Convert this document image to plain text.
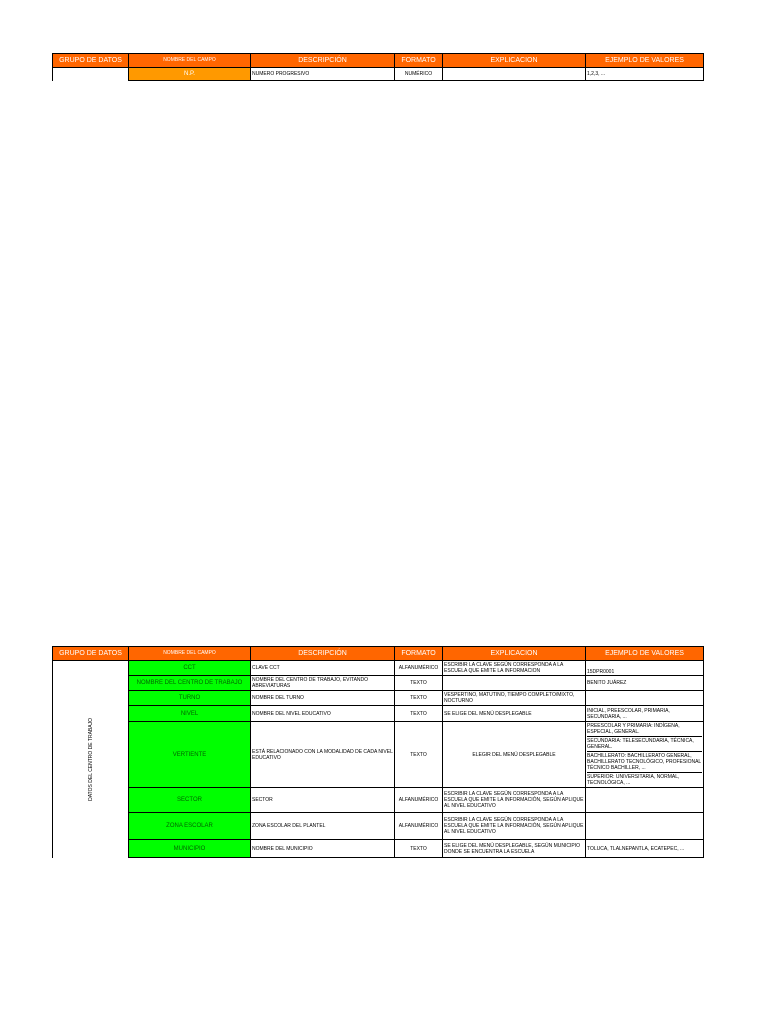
GRUPO DE DATOS	NOMBRE DEL CAMPO	DESCRIPCIÓN	FORMATO	EXPLICACION	EJEMPLO DE VALORES
	N.P.	NUMERO PROGRESIVO	NUMÉRICO		1,2,3, ...
GRUPO DE DATOS	NOMBRE DEL CAMPO	DESCRIPCIÓN	FORMATO	EXPLICACION	EJEMPLO DE VALORES

DATOS DEL CENTRO DE TRABAJO	CCT	CLAVE CCT	ALFANUMÉRICO	ESCRIBIR LA CLAVE SEGÚN CORRESPONDA A LA ESCUELA QUE EMITE LA INFORMACION	15DPR0001
	NOMBRE DEL CENTRO DE TRABAJO	NOMBRE DEL CENTRO DE TRABAJO, EVITANDO ABREVIATURAS	TEXTO		BENITO JUÁREZ
	TURNO	NOMBRE DEL TURNO	TEXTO	VESPERTINO, MATUTINO, TIEMPO COMPLETO/MIXTO, NOCTURNO	
	NIVEL	NOMBRE DEL NIVEL EDUCATIVO	TEXTO	SE ELIGE DEL MENÚ DESPLEGABLE	INICIAL, PREESCOLAR, PRIMARIA, SECUNDARIA, ...
	VERTIENTE	ESTÁ RELACIONADO CON LA MODALIDAD DE CADA NIVEL EDUCATIVO	TEXTO	ELEGIR DEL MENÚ DESPLEGABLE	PREESCOLAR Y PRIMARIA: INDÍGENA, ESPECIAL, GENERAL.
SECUNDARIA: TELESECUNDARIA, TÉCNICA, GENERAL.
BACHILLERATO: BACHILLERATO GENERAL, BACHILLERATO TECNOLÓGICO, PROFESIONAL TÉCNICO BACHILLER, ...
SUPERIOR: UNIVERSITARIA, NORMAL, TECNOLÓGICA, ...

	SECTOR	SECTOR	ALFANUMÉRICO	ESCRIBIR LA CLAVE SEGÚN CORRESPONDA A LA ESCUELA QUE EMITE LA INFORMACIÓN, SEGÚN APLIQUE AL NIVEL EDUCATIVO	
	ZONA ESCOLAR	ZONA ESCOLAR DEL PLANTEL	ALFANUMÉRICO	ESCRIBIR LA CLAVE SEGÚN CORRESPONDA A LA ESCUELA QUE EMITE LA INFORMACIÓN, SEGÚN APLIQUE AL NIVEL EDUCATIVO	
	MUNICIPIO	NOMBRE DEL MUNICIPIO	TEXTO	SE ELIGE DEL MENÚ DESPLEGABLE, SEGÚN MUNICIPIO DONDE SE ENCUENTRA LA ESCUELA	TOLUCA, TLALNEPANTLA, ECATEPEC, ...
